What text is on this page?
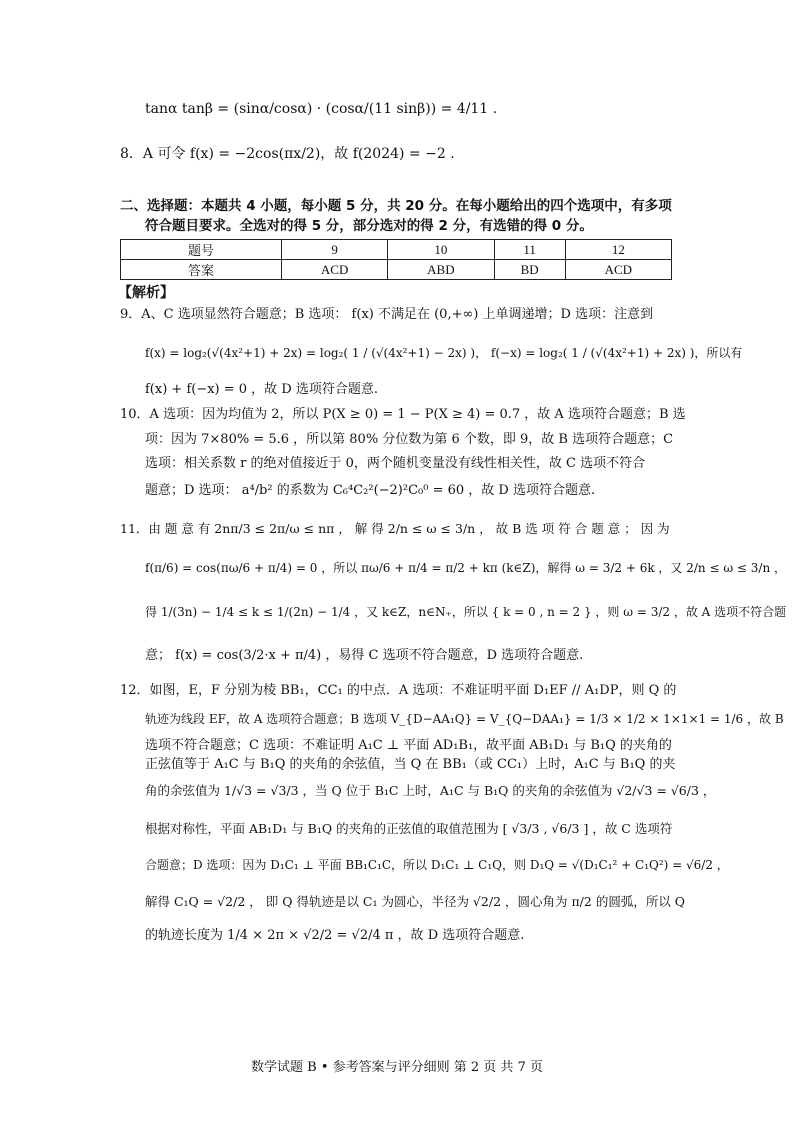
tanα tanβ = (sinα/cosα) · (cosα/(11 sinβ)) = 4/11 .
8．A 可令 f(x) = −2cos(πx/2)，故 f(2024) = −2 .
二、选择题：本题共 4 小题，每小题 5 分，共 20 分。在每小题给出的四个选项中，有多项
符合题目要求。全选对的得 5 分，部分选对的得 2 分，有选错的得 0 分。
题号	9	10	11	12
答案	ACD	ABD	BD	ACD
【解析】
9．A、C 选项显然符合题意；B 选项： f(x) 不满足在 (0,+∞) 上单调递增；D 选项：注意到
f(x) = log₂(√(4x²+1) + 2x) = log₂( 1 / (√(4x²+1) − 2x) )， f(−x) = log₂( 1 / (√(4x²+1) + 2x) )，所以有
f(x) + f(−x) = 0 ，故 D 选项符合题意.
10．A 选项：因为均值为 2，所以 P(X ≥ 0) = 1 − P(X ≥ 4) = 0.7 ，故 A 选项符合题意；B 选
项：因为 7×80% = 5.6 ，所以第 80% 分位数为第 6 个数，即 9，故 B 选项符合题意；C
选项：相关系数 r 的绝对值接近于 0，两个随机变量没有线性相关性，故 C 选项不符合
题意；D 选项： a⁴/b² 的系数为 C₆⁴C₂²(−2)²C₀⁰ = 60 ，故 D 选项符合题意.
11．由 题 意 有 2nπ/3 ≤ 2π/ω ≤ nπ ， 解 得 2/n ≤ ω ≤ 3/n ， 故 B 选 项 符 合 题 意 ； 因 为
f(π/6) = cos(πω/6 + π/4) = 0 ，所以 πω/6 + π/4 = π/2 + kπ (k∈Z)，解得 ω = 3/2 + 6k ，又 2/n ≤ ω ≤ 3/n ，
得 1/(3n) − 1/4 ≤ k ≤ 1/(2n) − 1/4 ，又 k∈Z，n∈N₊，所以 { k = 0 , n = 2 } ，则 ω = 3/2 ，故 A 选项不符合题
意； f(x) = cos(3/2·x + π/4) ，易得 C 选项不符合题意，D 选项符合题意.
12．如图，E，F 分别为棱 BB₁，CC₁ 的中点．A 选项：不难证明平面 D₁EF // A₁DP，则 Q 的
轨迹为线段 EF，故 A 选项符合题意；B 选项 V_{D−AA₁Q} = V_{Q−DAA₁} = 1/3 × 1/2 × 1×1×1 = 1/6 ，故 B
选项不符合题意；C 选项：不难证明 A₁C ⊥ 平面 AD₁B₁，故平面 AB₁D₁ 与 B₁Q 的夹角的
正弦值等于 A₁C 与 B₁Q 的夹角的余弦值，当 Q 在 BB₁（或 CC₁）上时，A₁C 与 B₁Q 的夹
角的余弦值为 1/√3 = √3/3 ，当 Q 位于 B₁C 上时，A₁C 与 B₁Q 的夹角的余弦值为 √2/√3 = √6/3 ，
根据对称性，平面 AB₁D₁ 与 B₁Q 的夹角的正弦值的取值范围为 [ √3/3 , √6/3 ] ，故 C 选项符
合题意；D 选项：因为 D₁C₁ ⊥ 平面 BB₁C₁C，所以 D₁C₁ ⊥ C₁Q，则 D₁Q = √(D₁C₁² + C₁Q²) = √6/2 ，
解得 C₁Q = √2/2 ， 即 Q 得轨迹是以 C₁ 为圆心，半径为 √2/2 ，圆心角为 π/2 的圆弧，所以 Q
的轨迹长度为 1/4 × 2π × √2/2 = √2/4 π ，故 D 选项符合题意.
数学试题 B • 参考答案与评分细则 第 2 页 共 7 页
